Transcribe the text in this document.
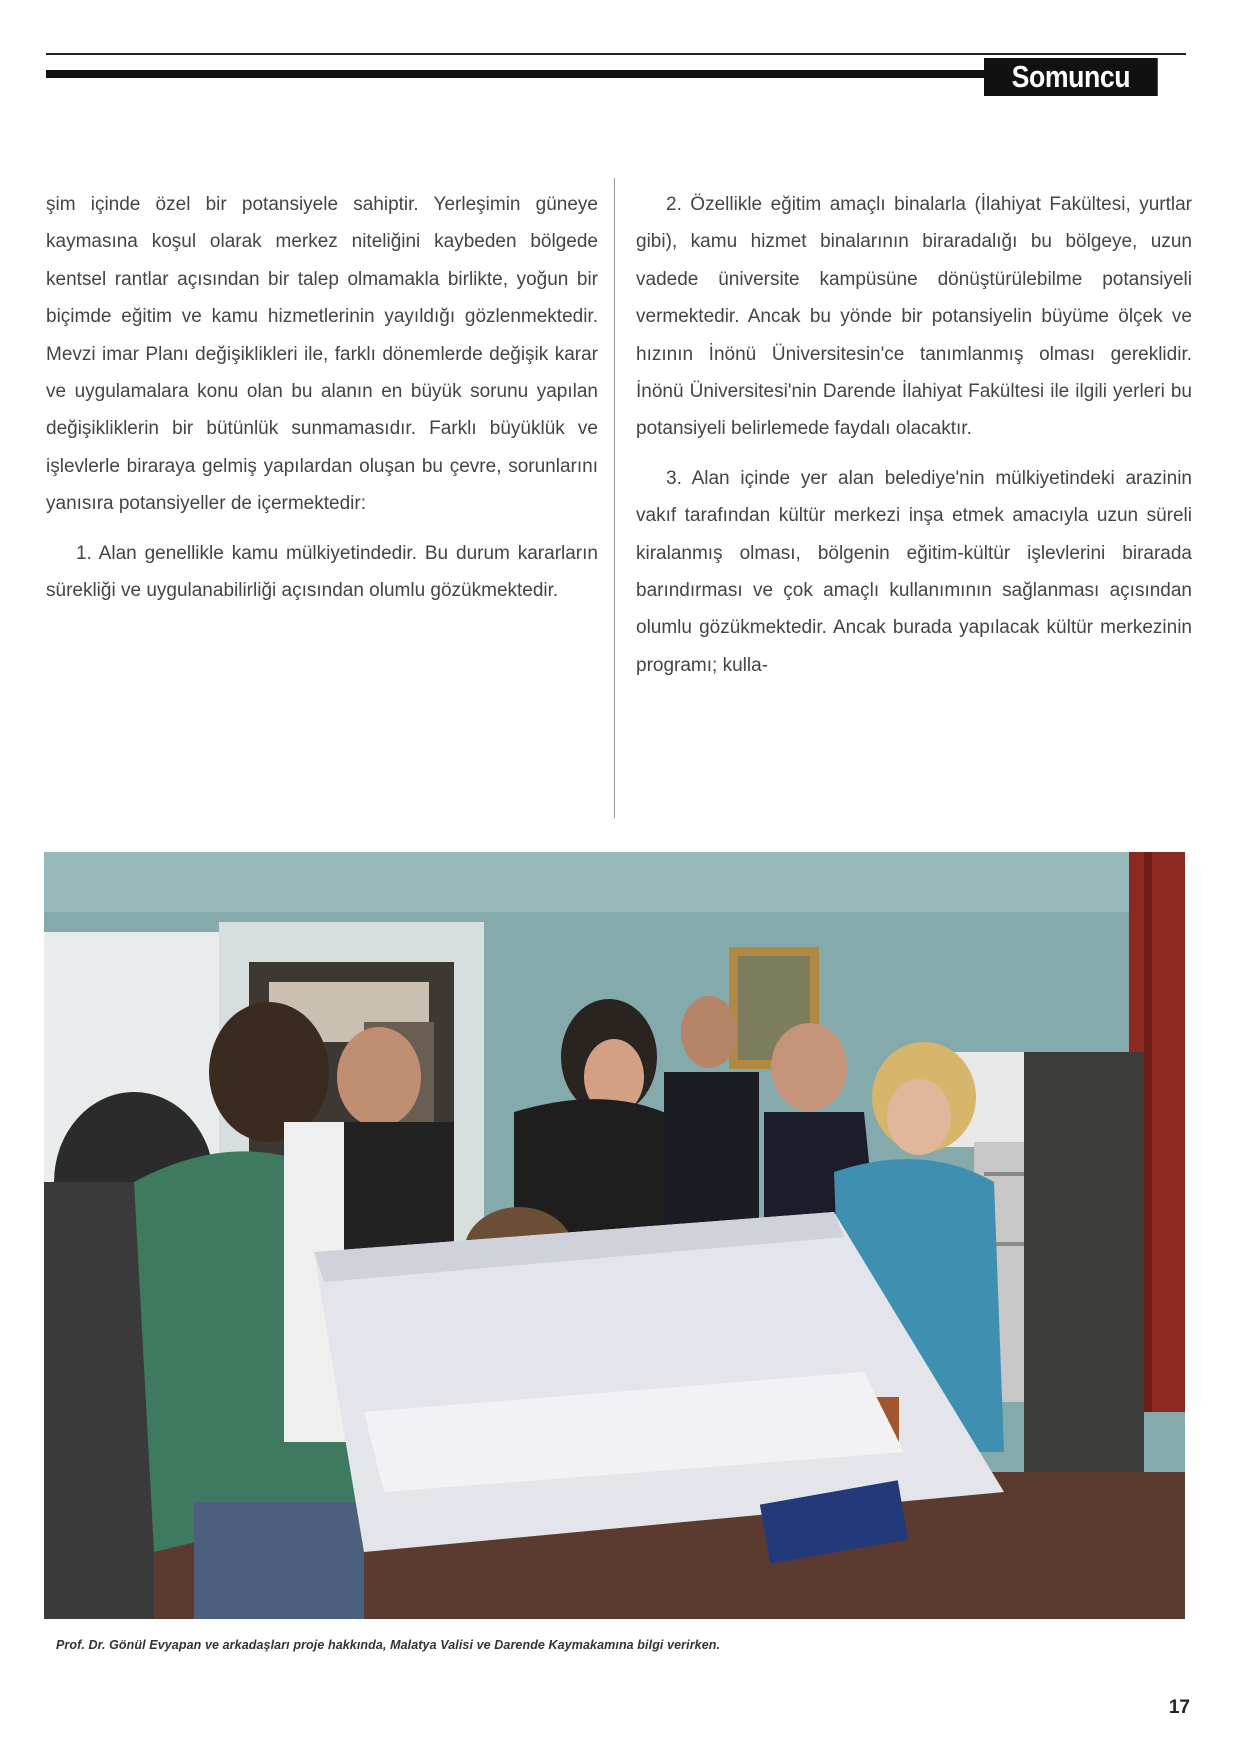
Somuncu Baba

şim içinde özel bir potansiyele sahiptir. Yerleşimin güneye kaymasına koşul olarak merkez niteliğini kaybeden bölgede kentsel rantlar açısından bir talep olmamakla birlikte, yoğun bir biçimde eğitim ve kamu hizmetlerinin yayıldığı gözlenmektedir. Mevzi imar Planı değişiklikleri ile, farklı dönemlerde değişik karar ve uygulamalara konu olan bu alanın en büyük sorunu yapılan değişikliklerin bir bütünlük sunmamasıdır. Farklı büyüklük ve işlevlerle biraraya gelmiş yapılardan oluşan bu çevre, sorunlarını yanısıra potansiyeller de içermektedir:

1. Alan genellikle kamu mülkiyetindedir. Bu durum kararların sürekliği ve uygulanabilirliği açısından olumlu gözükmektedir.

2. Özellikle eğitim amaçlı binalarla (İlahiyat Fakültesi, yurtlar gibi), kamu hizmet binalarının biraradalığı bu bölgeye, uzun vadede üniversite kampüsüne dönüştürülebilme potansiyeli vermektedir. Ancak bu yönde bir potansiyelin büyüme ölçek ve hızının İnönü Üniversitesin'ce tanımlanmış olması gereklidir. İnönü Üniversitesi'nin Darende İlahiyat Fakültesi ile ilgili yerleri bu potansiyeli belirlemede faydalı olacaktır.

3. Alan içinde yer alan belediye'nin mülkiyetindeki arazinin vakıf tarafından kültür merkezi inşa etmek amacıyla uzun süreli kiralanmış olması, bölgenin eğitim-kültür işlevlerini birarada barındırması ve çok amaçlı kullanımının sağlanması açısından olumlu gözükmektedir. Ancak burada yapılacak kültür merkezinin programı; kulla-

Prof. Dr. Gönül Evyapan ve arkadaşları proje hakkında, Malatya Valisi ve Darende Kaymakamına bilgi verirken.
17
